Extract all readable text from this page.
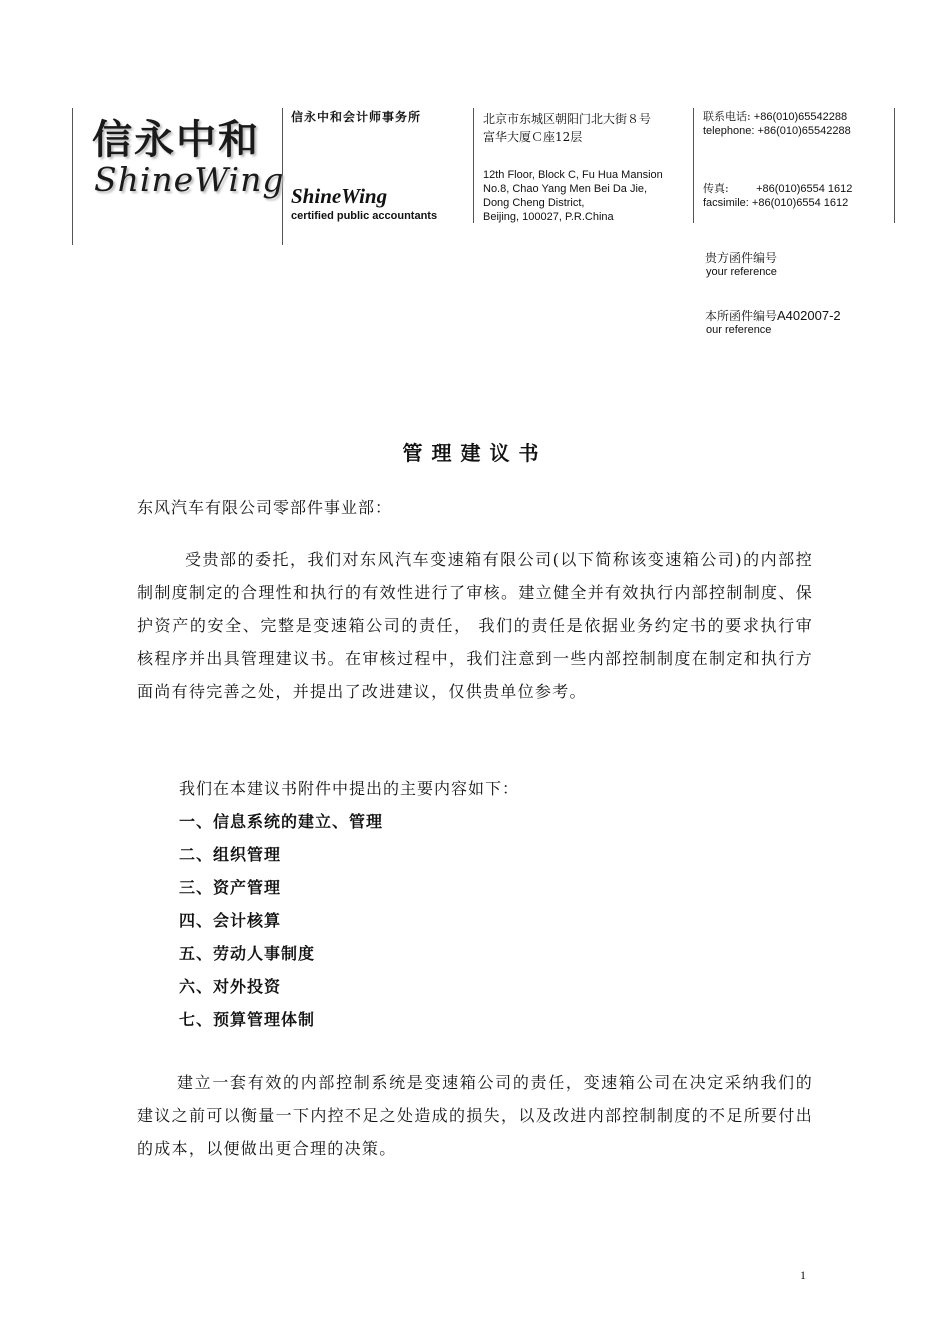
信永中和
ShineWing
信永中和会计师事务所
ShineWing
certified public accountants
北京市东城区朝阳门北大街８号
富华大厦Ｃ座12层
12th Floor, Block C, Fu Hua Mansion
No.8, Chao Yang Men Bei Da Jie,
Dong Cheng District,
Beijing, 100027, P.R.China
联系电话: +86(010)65542288
telephone: +86(010)65542288
传真: +86(010)6554 1612
facsimile: +86(010)6554 1612
贵方函件编号
your reference
本所函件编号A402007-2
our reference
管理建议书
东风汽车有限公司零部件事业部：

受贵部的委托，我们对东风汽车变速箱有限公司(以下简称该变速箱公司)的内部控制制度制定的合理性和执行的有效性进行了审核。建立健全并有效执行内部控制制度、保护资产的安全、完整是变速箱公司的责任， 我们的责任是依据业务约定书的要求执行审核程序并出具管理建议书。在审核过程中，我们注意到一些内部控制制度在制定和执行方面尚有待完善之处，并提出了改进建议，仅供贵单位参考。

我们在本建议书附件中提出的主要内容如下：
一、信息系统的建立、管理
二、组织管理
三、资产管理
四、会计核算
五、劳动人事制度
六、对外投资
七、预算管理体制

建立一套有效的内部控制系统是变速箱公司的责任，变速箱公司在决定采纳我们的建议之前可以衡量一下内控不足之处造成的损失，以及改进内部控制制度的不足所要付出的成本，以便做出更合理的决策。

1
